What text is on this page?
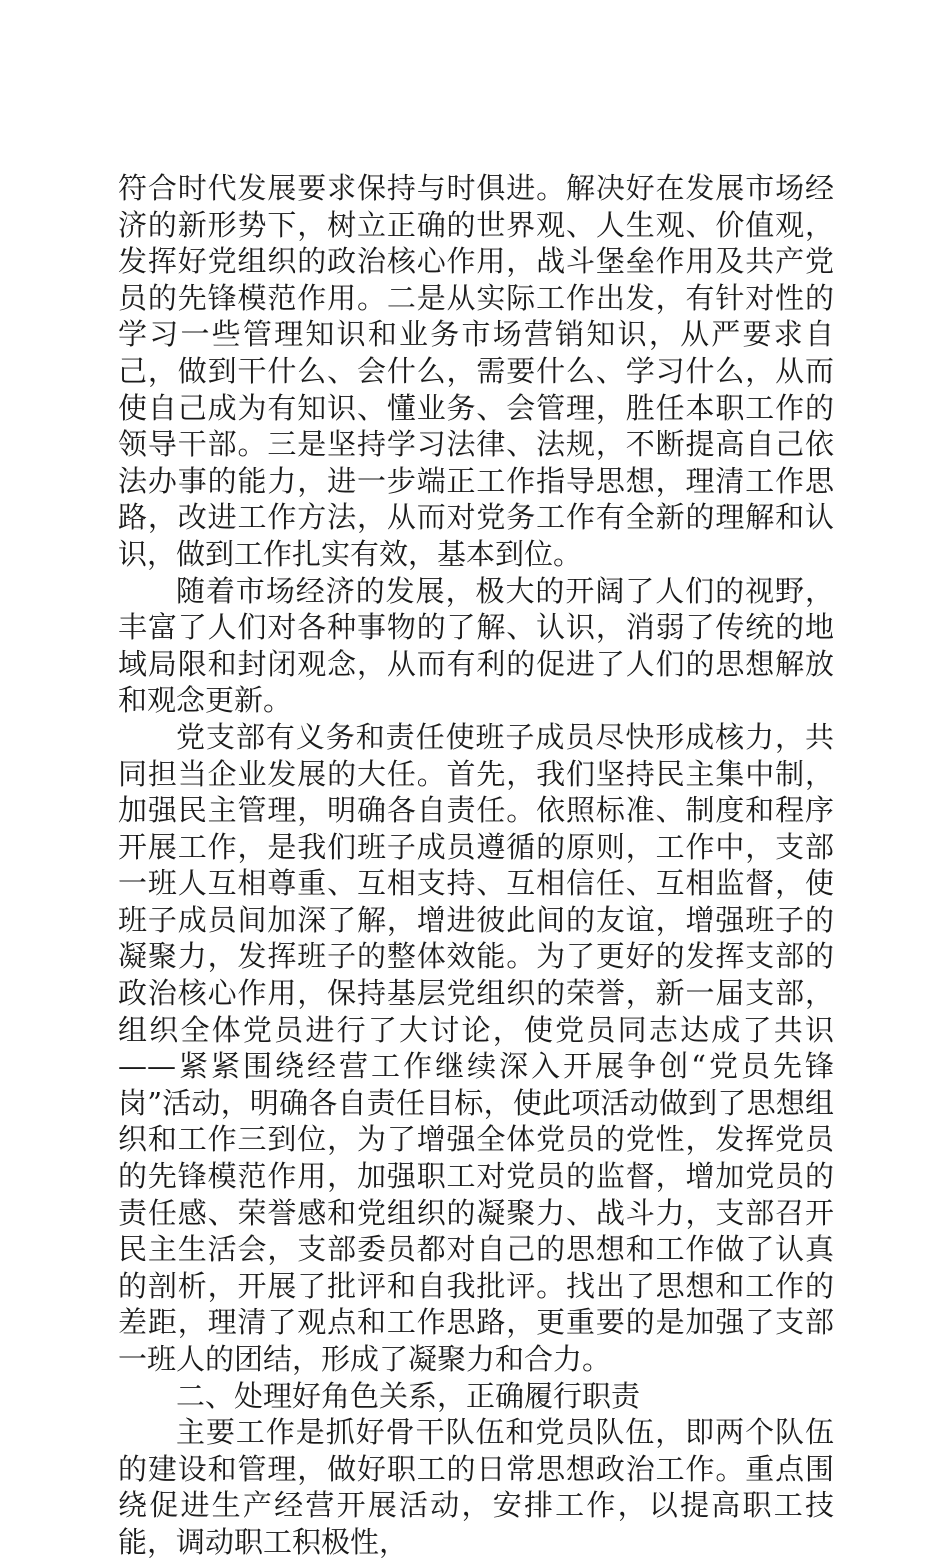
符合时代发展要求保持与时俱进。解决好在发展市场经济的新形势下，树立正确的世界观、人生观、价值观，发挥好党组织的政治核心作用，战斗堡垒作用及共产党员的先锋模范作用。二是从实际工作出发，有针对性的学习一些管理知识和业务市场营销知识，从严要求自己，做到干什么、会什么，需要什么、学习什么，从而使自己成为有知识、懂业务、会管理，胜任本职工作的领导干部。三是坚持学习法律、法规，不断提高自己依法办事的能力，进一步端正工作指导思想，理清工作思路，改进工作方法，从而对党务工作有全新的理解和认识，做到工作扎实有效，基本到位。

随着市场经济的发展，极大的开阔了人们的视野，丰富了人们对各种事物的了解、认识，消弱了传统的地域局限和封闭观念，从而有利的促进了人们的思想解放和观念更新。

党支部有义务和责任使班子成员尽快形成核力，共同担当企业发展的大任。首先，我们坚持民主集中制，加强民主管理，明确各自责任。依照标准、制度和程序开展工作，是我们班子成员遵循的原则，工作中，支部一班人互相尊重、互相支持、互相信任、互相监督，使班子成员间加深了解，增进彼此间的友谊，增强班子的凝聚力，发挥班子的整体效能。为了更好的发挥支部的政治核心作用，保持基层党组织的荣誉，新一届支部，组织全体党员进行了大讨论，使党员同志达成了共识——紧紧围绕经营工作继续深入开展争创“党员先锋岗”活动，明确各自责任目标，使此项活动做到了思想组织和工作三到位，为了增强全体党员的党性，发挥党员的先锋模范作用，加强职工对党员的监督，增加党员的责任感、荣誉感和党组织的凝聚力、战斗力，支部召开民主生活会，支部委员都对自己的思想和工作做了认真的剖析，开展了批评和自我批评。找出了思想和工作的差距，理清了观点和工作思路，更重要的是加强了支部一班人的团结，形成了凝聚力和合力。

二、处理好角色关系，正确履行职责

主要工作是抓好骨干队伍和党员队伍，即两个队伍的建设和管理，做好职工的日常思想政治工作。重点围绕促进生产经营开展活动，安排工作，以提高职工技能，调动职工积极性，
